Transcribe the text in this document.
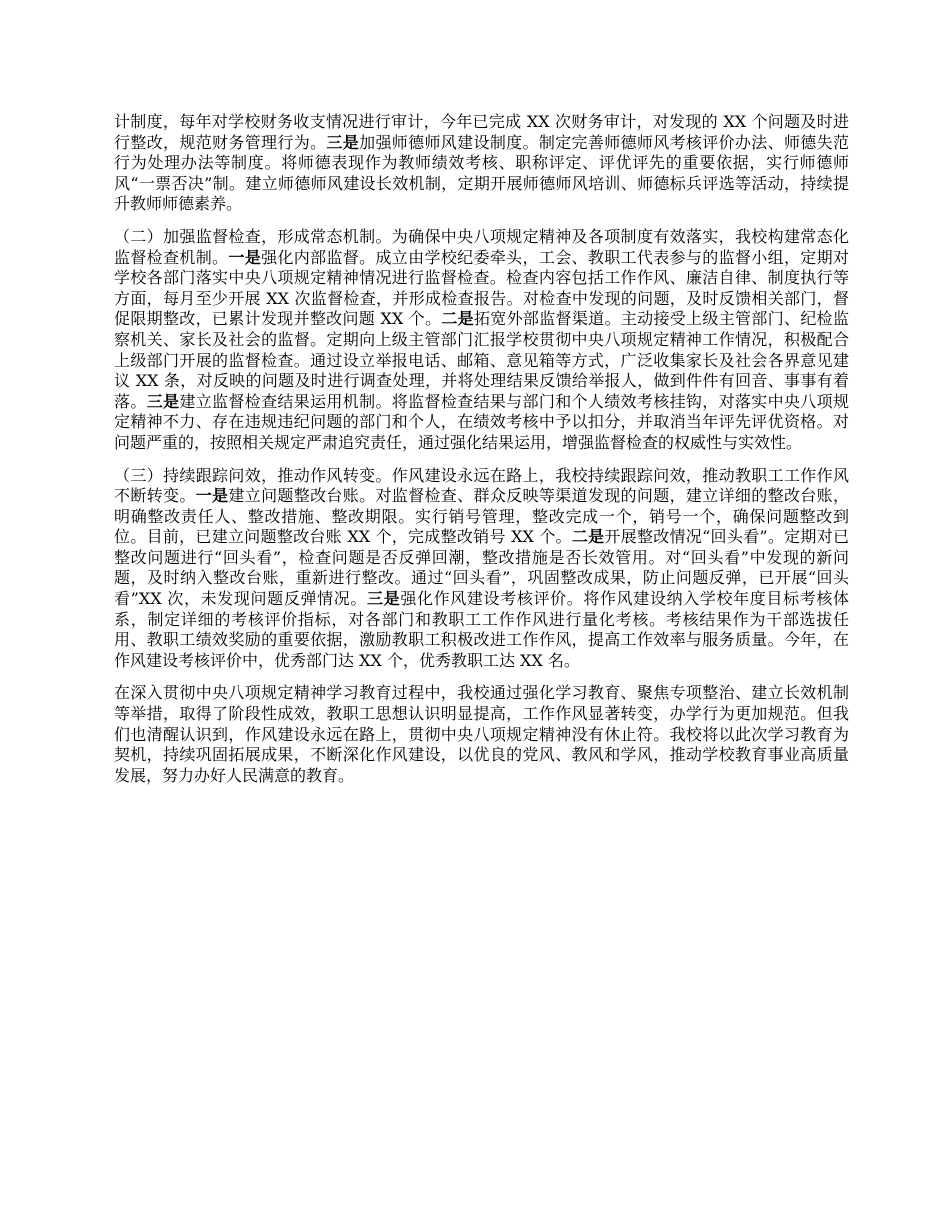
计制度，每年对学校财务收支情况进行审计，今年已完成 XX 次财务审计，对发现的 XX 个问题及时进行整改，规范财务管理行为。三是加强师德师风建设制度。制定完善师德师风考核评价办法、师德失范行为处理办法等制度。将师德表现作为教师绩效考核、职称评定、评优评先的重要依据，实行师德师风“一票否决”制。建立师德师风建设长效机制，定期开展师德师风培训、师德标兵评选等活动，持续提升教师师德素养。

（二）加强监督检查，形成常态机制。为确保中央八项规定精神及各项制度有效落实，我校构建常态化监督检查机制。一是强化内部监督。成立由学校纪委牵头，工会、教职工代表参与的监督小组，定期对学校各部门落实中央八项规定精神情况进行监督检查。检查内容包括工作作风、廉洁自律、制度执行等方面，每月至少开展 XX 次监督检查，并形成检查报告。对检查中发现的问题，及时反馈相关部门，督促限期整改，已累计发现并整改问题 XX 个。二是拓宽外部监督渠道。主动接受上级主管部门、纪检监察机关、家长及社会的监督。定期向上级主管部门汇报学校贯彻中央八项规定精神工作情况，积极配合上级部门开展的监督检查。通过设立举报电话、邮箱、意见箱等方式，广泛收集家长及社会各界意见建议 XX 条，对反映的问题及时进行调查处理，并将处理结果反馈给举报人，做到件件有回音、事事有着落。三是建立监督检查结果运用机制。将监督检查结果与部门和个人绩效考核挂钩，对落实中央八项规定精神不力、存在违规违纪问题的部门和个人，在绩效考核中予以扣分，并取消当年评先评优资格。对问题严重的，按照相关规定严肃追究责任，通过强化结果运用，增强监督检查的权威性与实效性。

（三）持续跟踪问效，推动作风转变。作风建设永远在路上，我校持续跟踪问效，推动教职工工作作风不断转变。一是建立问题整改台账。对监督检查、群众反映等渠道发现的问题，建立详细的整改台账，明确整改责任人、整改措施、整改期限。实行销号管理，整改完成一个，销号一个，确保问题整改到位。目前，已建立问题整改台账 XX 个，完成整改销号 XX 个。二是开展整改情况“回头看”。定期对已整改问题进行“回头看”，检查问题是否反弹回潮，整改措施是否长效管用。对“回头看”中发现的新问题，及时纳入整改台账，重新进行整改。通过“回头看”，巩固整改成果，防止问题反弹，已开展“回头看”XX 次，未发现问题反弹情况。三是强化作风建设考核评价。将作风建设纳入学校年度目标考核体系，制定详细的考核评价指标，对各部门和教职工工作作风进行量化考核。考核结果作为干部选拔任用、教职工绩效奖励的重要依据，激励教职工积极改进工作作风，提高工作效率与服务质量。今年，在作风建设考核评价中，优秀部门达 XX 个，优秀教职工达 XX 名。

在深入贯彻中央八项规定精神学习教育过程中，我校通过强化学习教育、聚焦专项整治、建立长效机制等举措，取得了阶段性成效，教职工思想认识明显提高，工作作风显著转变，办学行为更加规范。但我们也清醒认识到，作风建设永远在路上，贯彻中央八项规定精神没有休止符。我校将以此次学习教育为契机，持续巩固拓展成果，不断深化作风建设，以优良的党风、教风和学风，推动学校教育事业高质量发展，努力办好人民满意的教育。
